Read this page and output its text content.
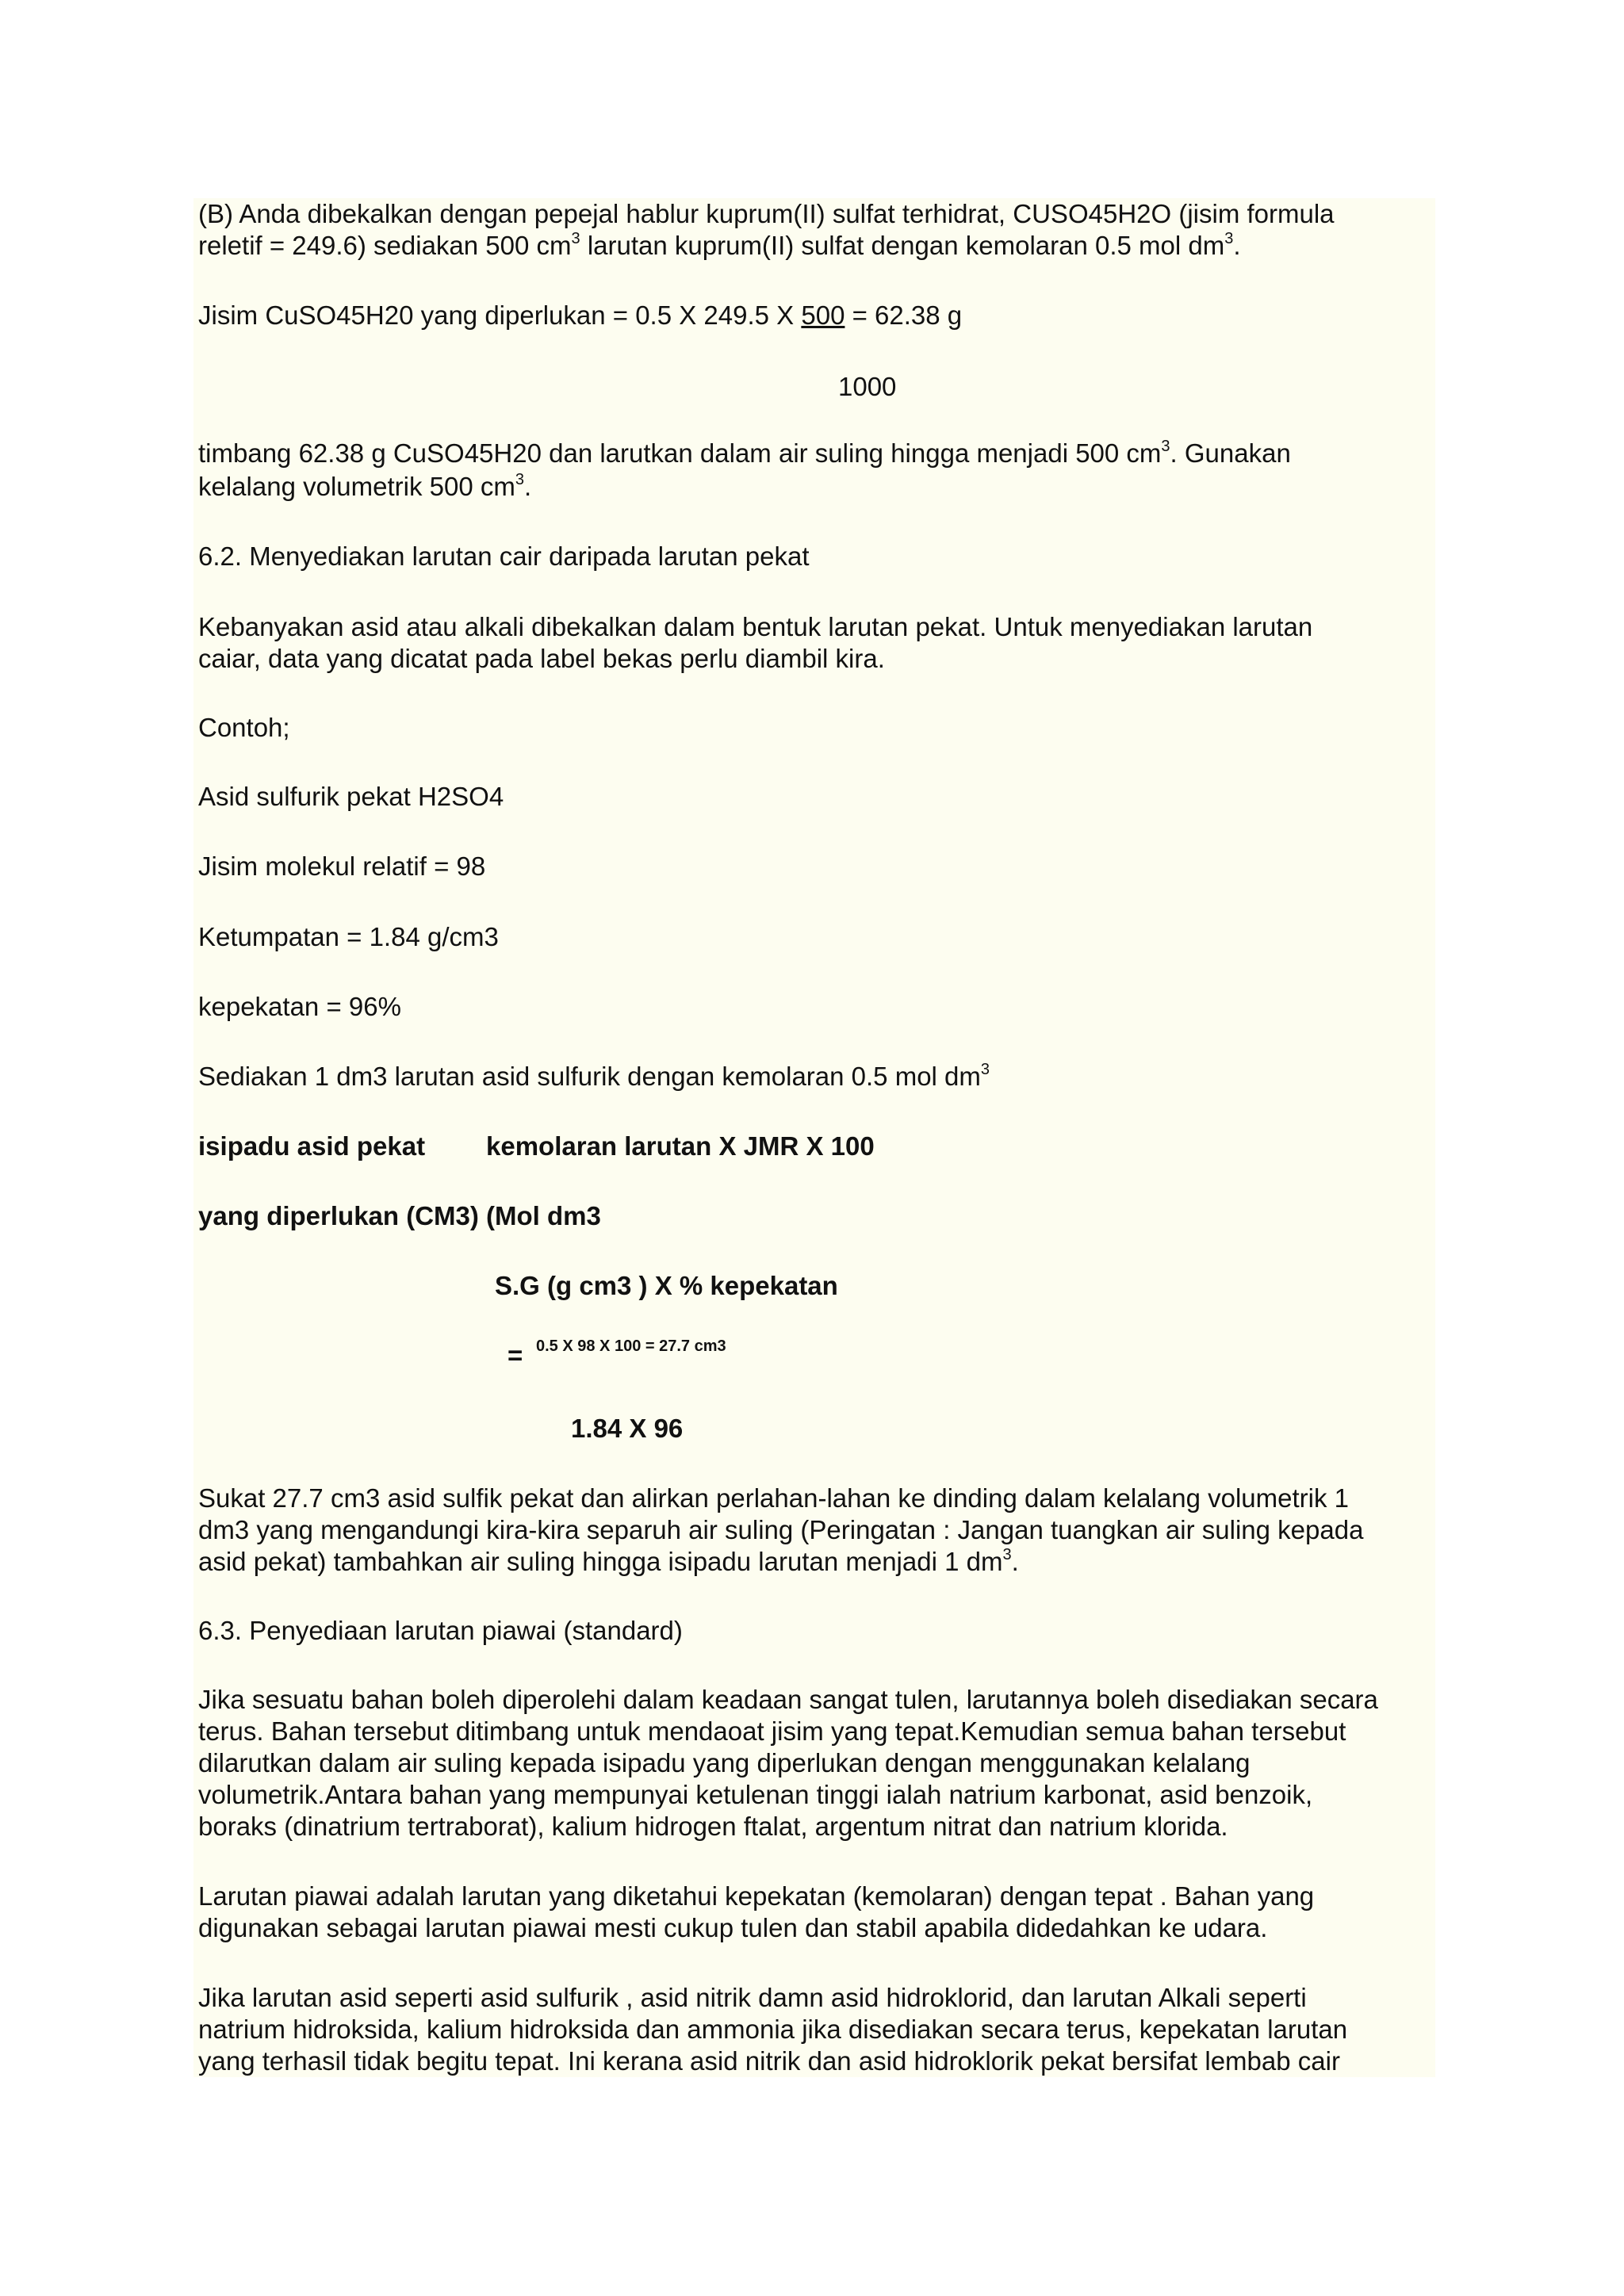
(B) Anda dibekalkan dengan pepejal hablur kuprum(II) sulfat terhidrat, CUSO45H2O (jisim formula

reletif = 249.6) sediakan 500 $cm^3$ larutan kuprum(II) sulfat dengan kemolaran 0.5 mol $dm^3$.

Jisim CuSO45H20 yang diperlukan = 0.5 X 249.5 X 500 = 62.38 g

1000

timbang 62.38 g CuSO45H20 dan larutkan dalam air suling hingga menjadi 500 $cm^3$. Gunakan

kelalang volumetrik 500 $cm^3$.

6.2. Menyediakan larutan cair daripada larutan pekat

Kebanyakan asid atau alkali dibekalkan dalam bentuk larutan pekat. Untuk menyediakan larutan

caiar, data yang dicatat pada label bekas perlu diambil kira.

Contoh;

Asid sulfurik pekat H2SO4

Jisim molekul relatif = 98

Ketumpatan = 1.84 g/cm3

kepekatan = 96%

Sediakan 1 dm3 larutan asid sulfurik dengan kemolaran 0.5 mol $dm^3$

isipadu asid pekat	kemolaran larutan X JMR X 100

yang diperlukan (CM3) (Mol dm3

S.G (g cm3 ) X % kepekatan

= 0.5 X 98 X 100 = 27.7 cm3

1.84 X 96

Sukat 27.7 cm3 asid sulfik pekat dan alirkan perlahan-lahan ke dinding dalam kelalang volumetrik 1

dm3 yang mengandungi kira-kira separuh air suling (Peringatan : Jangan tuangkan air suling kepada

asid pekat) tambahkan air suling hingga isipadu larutan menjadi 1 $dm^3$.

6.3. Penyediaan larutan piawai (standard)

Jika sesuatu bahan boleh diperolehi dalam keadaan sangat tulen, larutannya boleh disediakan secara

terus. Bahan tersebut ditimbang untuk mendaoat jisim yang tepat.Kemudian semua bahan tersebut

dilarutkan dalam air suling kepada isipadu yang diperlukan dengan menggunakan kelalang

volumetrik.Antara bahan yang mempunyai ketulenan tinggi ialah natrium karbonat, asid benzoik,

boraks (dinatrium tertraborat), kalium hidrogen ftalat, argentum nitrat dan natrium klorida.

Larutan piawai adalah larutan yang diketahui kepekatan (kemolaran) dengan tepat . Bahan yang

digunakan sebagai larutan piawai mesti cukup tulen dan stabil apabila didedahkan ke udara.

Jika larutan asid seperti asid sulfurik , asid nitrik damn asid hidroklorid, dan larutan Alkali seperti

natrium hidroksida, kalium hidroksida dan ammonia jika disediakan secara terus, kepekatan larutan

yang terhasil tidak begitu tepat. Ini kerana asid nitrik dan asid hidroklorik pekat bersifat lembab cair
